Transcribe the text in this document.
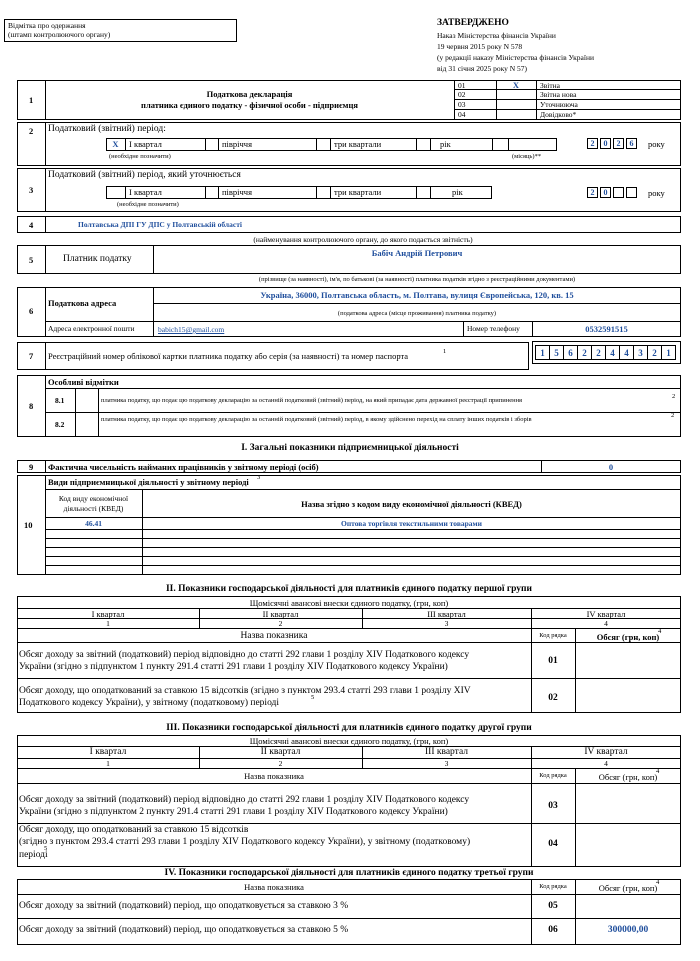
Відмітка про одержання
(штамп контролюючого органу)
ЗАТВЕРДЖЕНО
Наказ Міністерства фінансів України
19 червня 2015 року N 578
(у редакції наказу Міністерства фінансів України
від 31 січня 2025 року N 57)
1
Податкова декларація
платника єдиного податку - фізичної особи - підприємця
01	X	Звітна
02	Звітна нова
03	Уточнююча
04	Довідково*
2 Податковий (звітний) період:
X	I квартал	півріччя	три квартали	рік
(необхідне позначити)	(місяць)**
2	0	2	6	року
3
Податковий (звітний) період, який уточнюється
I квартал	півріччя	три квартали	рік
(необхідне позначити)
2	0	року
4	Полтавська ДПІ ГУ ДПС у Полтавській області
(найменування контролюючого органу, до якого подається звітність)
5	Платник податку
Бабіч Андрій Петрович
(прізвище (за наявності), ім'я, по батькові (за наявності) платника податків згідно з реєстраційними документами)
6
Податкова адреса
Україна, 36000, Полтавська область, м. Полтава, вулиця Європейська, 120, кв. 15
(податкова адреса (місце проживання) платника податку)
Адреса електронної пошти	babich15@gmail.com	Номер телефону	0532591515
7 Реєстраційний номер облікової картки платника податку або серія (за наявності) та номер паспорта	1	1	5	6	2	2	4	4	3	2	1
8
Особливі відмітки
8.1	платника податку, що подає цю податкову декларацію за останній податковий (звітний) період, на який припадає дата державної реєстрації припинення
2
8.2
платника податку, що подає цю податкову декларацію за останній податковий (звітний) період, в якому здійснено перехід на сплату інших податків і зборів
2
I. Загальні показники підприємницької діяльності
9 Фактична чисельність найманих працівників у звітному періоді (осіб)	0
10
Види підприємницької діяльності у звітному періоді 3
Код виду економічної
діяльності (КВЕД)	Назва згідно з кодом виду економічної діяльності (КВЕД)
46.41	Оптова торгівля текстильними товарами
II. Показники господарської діяльності для платників єдиного податку першої групи
Щомісячні авансові внески єдиного податку, (грн, коп)
I квартал	II квартал	III квартал	IV квартал
1	2	3	4
Назва показника	Код рядка	Обсяг (грн, коп)
4
Обсяг доходу за звітний (податковий) період відповідно до статті 292 глави 1 розділу XIV Податкового кодексу
України (згідно з підпунктом 1 пункту 291.4 статті 291 глави 1 розділу XIV Податкового кодексу України)
01
Обсяг доходу, що оподаткований за ставкою 15 відсотків (згідно з пунктом 293.4 статті 293 глави 1 розділу XIV
Податкового кодексу України), у звітному (податковому) періоді
5	02
III. Показники господарської діяльності для платників єдиного податку другої групи
Щомісячні авансові внески єдиного податку, (грн, коп)
I квартал	II квартал	III квартал	IV квартал
1	2	3	4
Назва показника	Код рядка	Обсяг (грн, коп)
4
Обсяг доходу за звітний (податковий) період відповідно до статті 292 глави 1 розділу XIV Податкового кодексу
України (згідно з підпунктом 2 пункту 291.4 статті 291 глави 1 розділу XIV Податкового кодексу України)
03
Обсяг доходу, що оподаткований за ставкою 15 відсотків
(згідно з пунктом 293.4 статті 293 глави 1 розділу XIV Податкового кодексу України), у звітному (податковому)
періоді
5	04
IV. Показники господарської діяльності для платників єдиного податку третьої групи
Назва показника	Код рядка	Обсяг (грн, коп)
4
Обсяг доходу за звітний (податковий) період, що оподатковується за ставкою 3 %	05
Обсяг доходу за звітний (податковий) період, що оподатковується за ставкою 5 %	06	300000,00
